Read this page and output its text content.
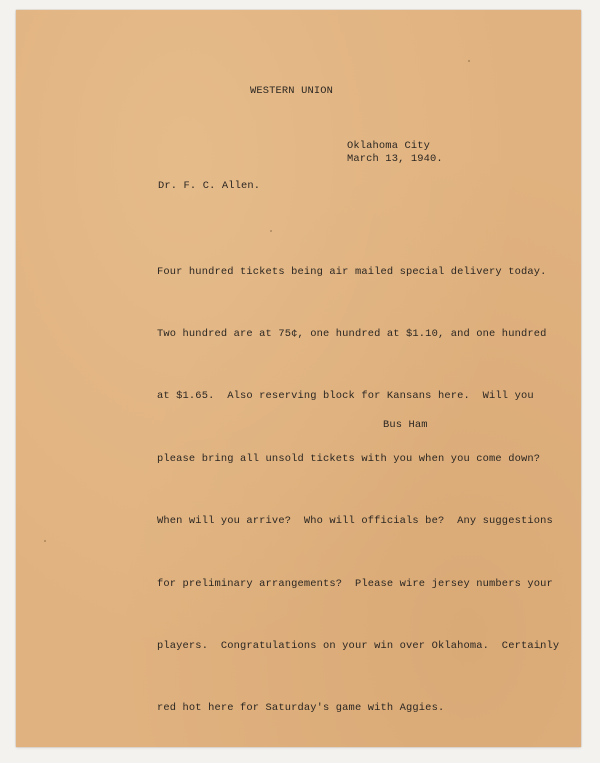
WESTERN UNION
Oklahoma City
March 13, 1940.
Dr. F. C. Allen.

Four hundred tickets being air mailed special delivery today.

Two hundred are at 75¢, one hundred at $1.10, and one hundred

at $1.65.  Also reserving block for Kansans here.  Will you

please bring all unsold tickets with you when you come down?

When will you arrive?  Who will officials be?  Any suggestions

for preliminary arrangements?  Please wire jersey numbers your

players.  Congratulations on your win over Oklahoma.  Certainly

red hot here for Saturday's game with Aggies.

Bus Ham
